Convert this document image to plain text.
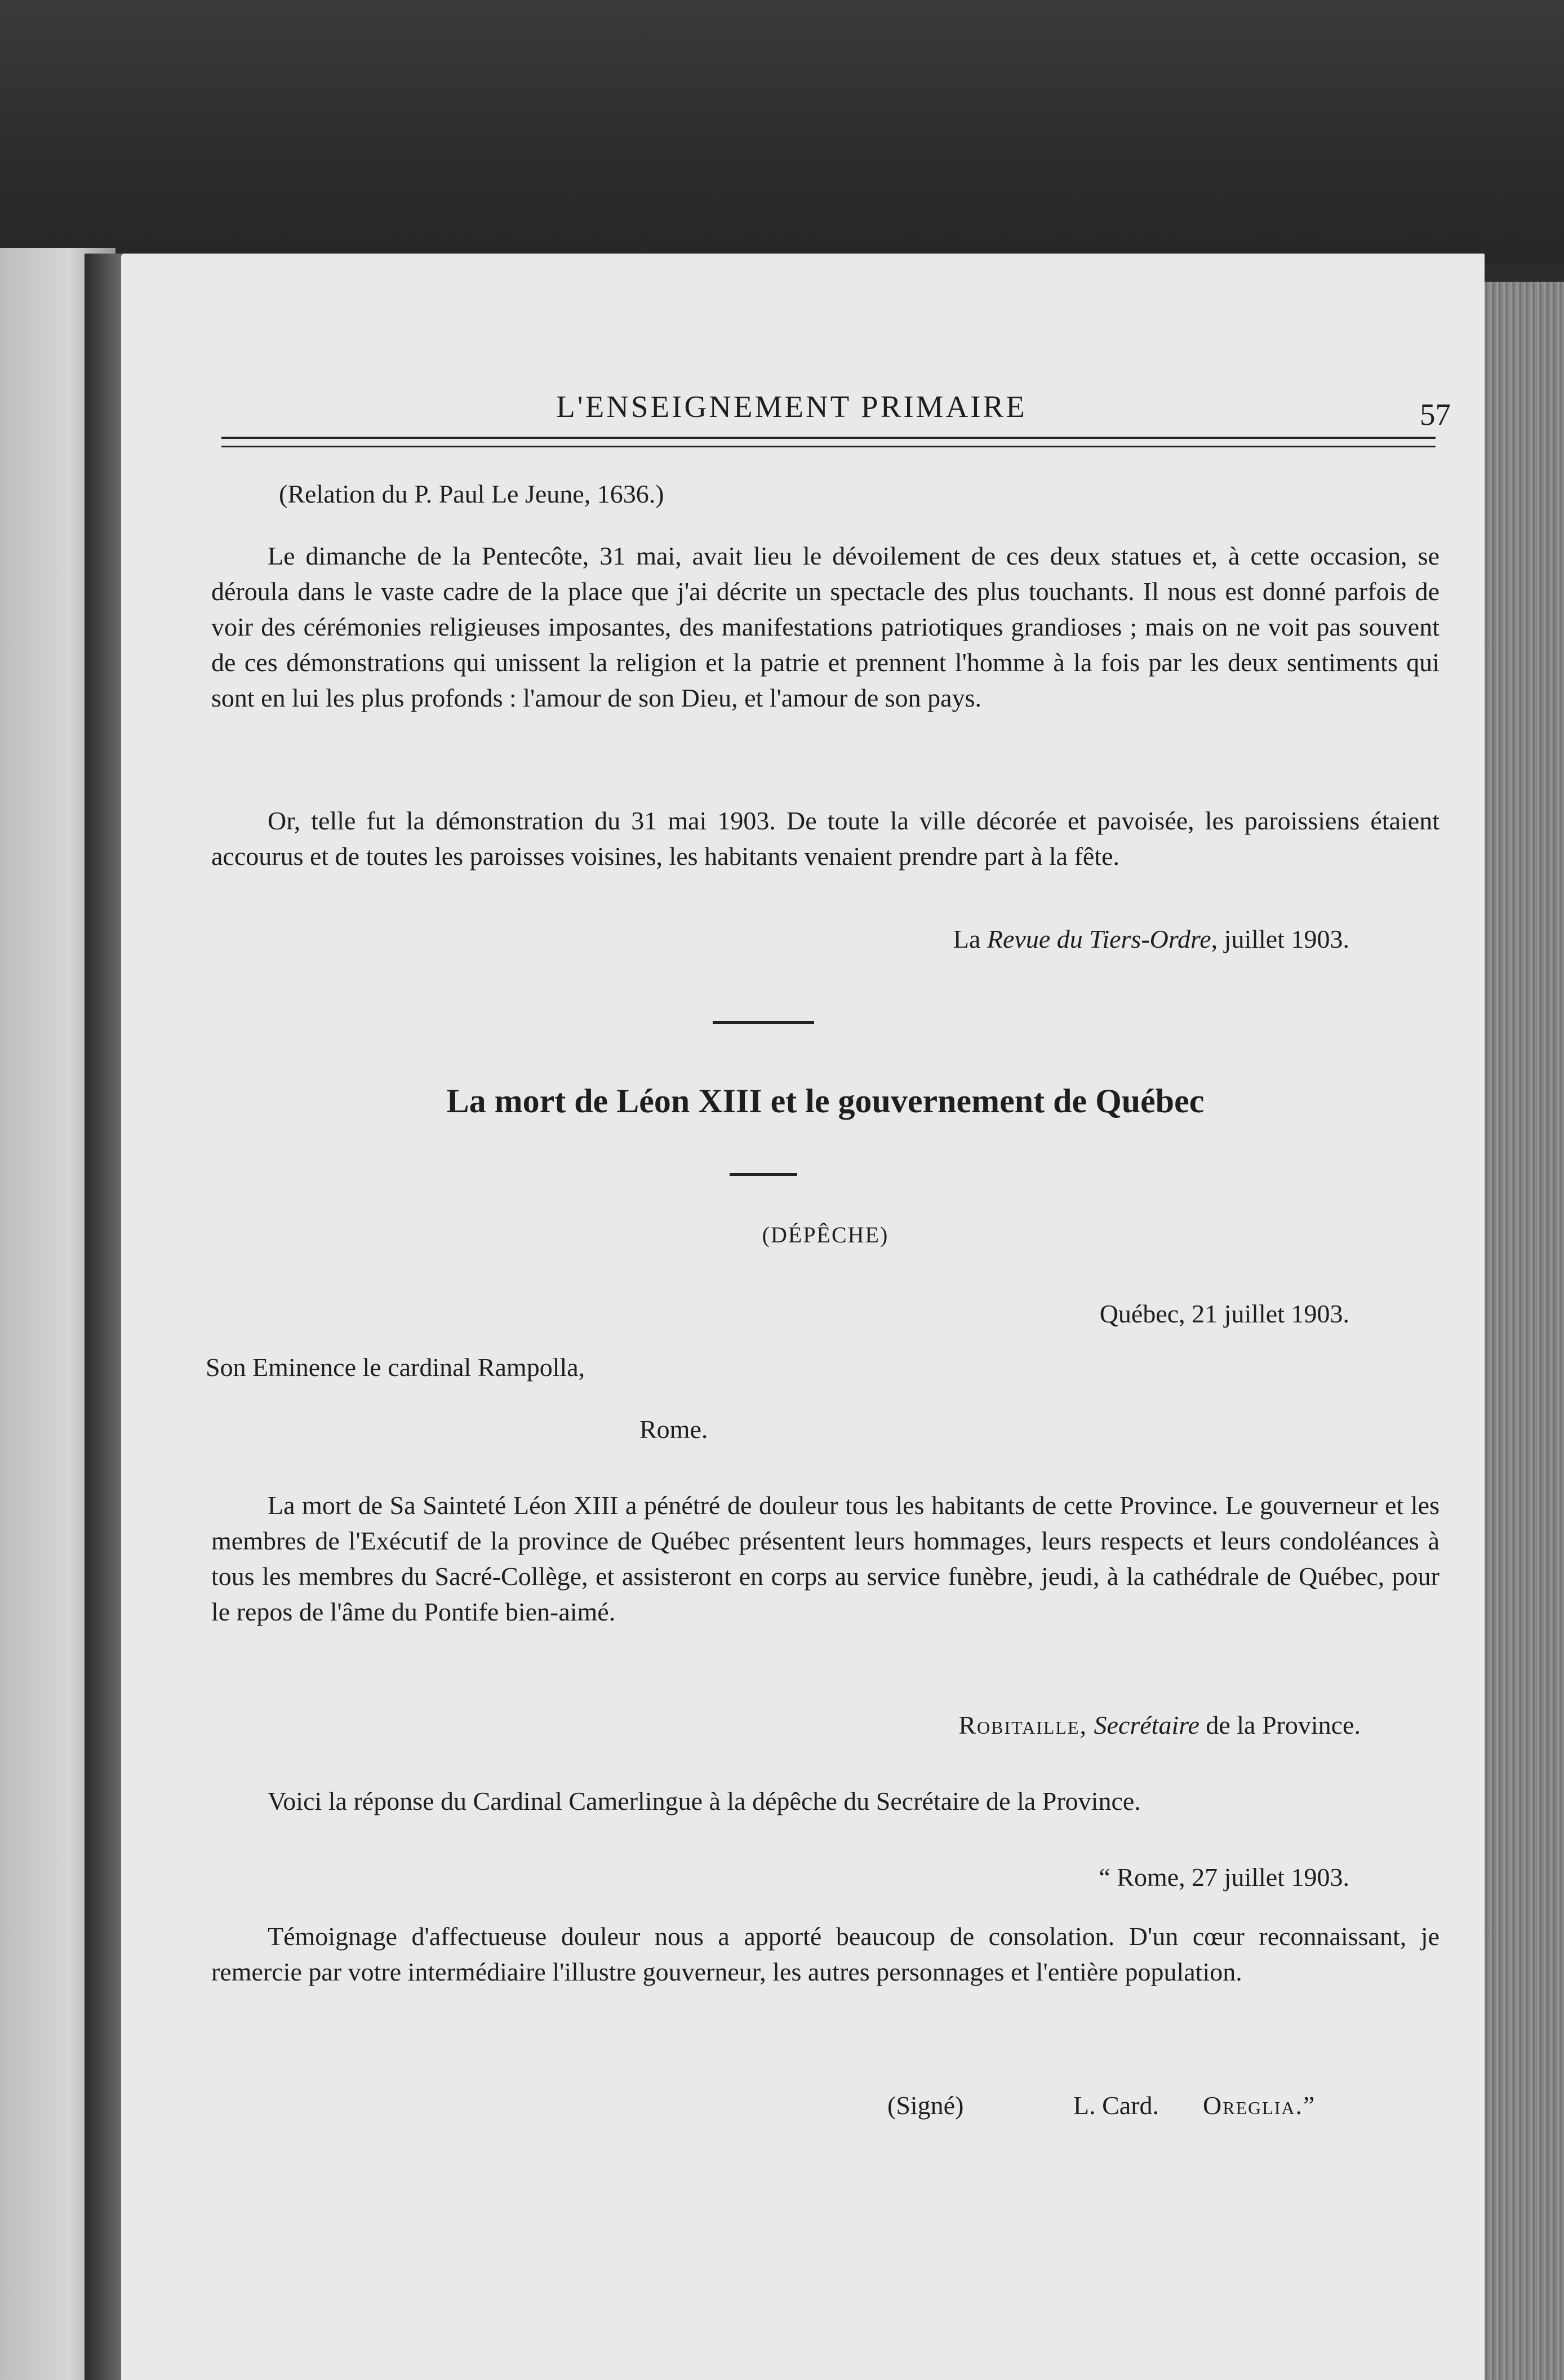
L'ENSEIGNEMENT PRIMAIRE	57
(Relation du P. Paul Le Jeune, 1636.)

Le dimanche de la Pentecôte, 31 mai, avait lieu le dévoilement de ces deux statues et, à cette occasion, se déroula dans le vaste cadre de la place que j'ai décrite un spectacle des plus touchants. Il nous est donné parfois de voir des cérémonies religieuses imposantes, des manifestations patriotiques grandioses ; mais on ne voit pas souvent de ces démonstrations qui unissent la religion et la patrie et prennent l'homme à la fois par les deux sentiments qui sont en lui les plus profonds : l'amour de son Dieu, et l'amour de son pays.

Or, telle fut la démonstration du 31 mai 1903. De toute la ville décorée et pavoisée, les paroissiens étaient accourus et de toutes les paroisses voisines, les habitants venaient prendre part à la fête.

La Revue du Tiers-Ordre, juillet 1903.
La mort de Léon XIII et le gouvernement de Québec
(DÉPÊCHE)
Québec, 21 juillet 1903.
Son Eminence le cardinal Rampolla,
Rome.

La mort de Sa Sainteté Léon XIII a pénétré de douleur tous les habitants de cette Province. Le gouverneur et les membres de l'Exécutif de la province de Québec présentent leurs hommages, leurs respects et leurs condoléances à tous les membres du Sacré-Collège, et assisteront en corps au service funèbre, jeudi, à la cathédrale de Québec, pour le repos de l'âme du Pontife bien-aimé.

Robitaille, Secrétaire de la Province.

Voici la réponse du Cardinal Camerlingue à la dépêche du Secrétaire de la Province.

“ Rome, 27 juillet 1903.

Témoignage d'affectueuse douleur nous a apporté beaucoup de consolation. D'un cœur reconnaissant, je remercie par votre intermédiaire l'illustre gouverneur, les autres personnages et l'entière population.

(Signé)	L. Card. Oreglia.”
